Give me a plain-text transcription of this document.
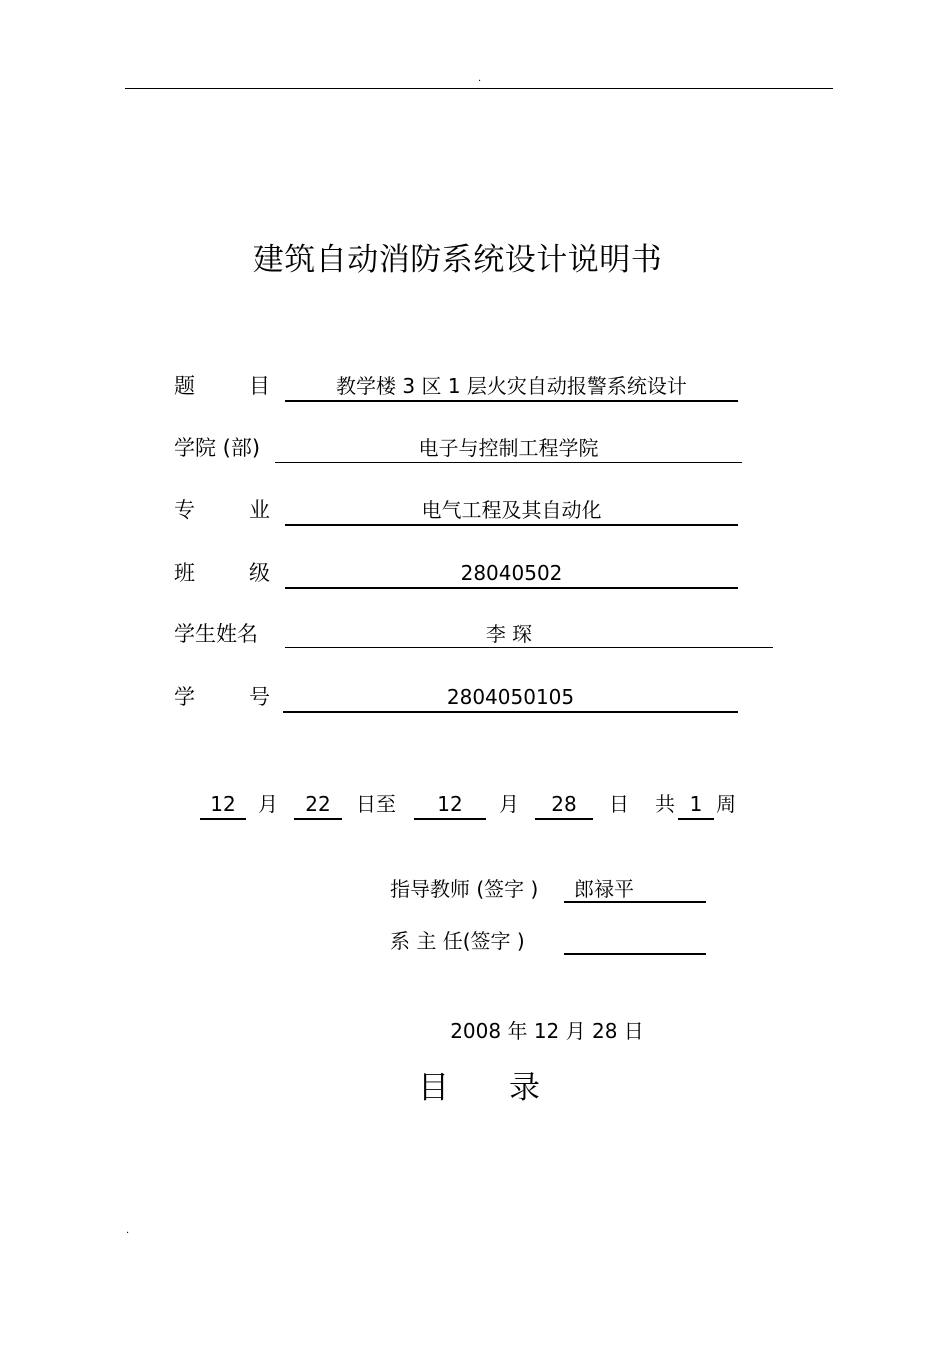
.
建筑自动消防系统设计说明书
题	目	教学楼 3 区 1 层火灾自动报警系统设计
学院 (部)	电子与控制工程学院
专	业	电气工程及其自动化
班	级	28040502
学生姓名	李 琛
学	号	2804050105
12	月	22	日至	12	月	28	日 共 1 周
指导教师 (签字 )	郎禄平
系 主 任(签字 )
2008 年 12 月 28 日
目录
.
